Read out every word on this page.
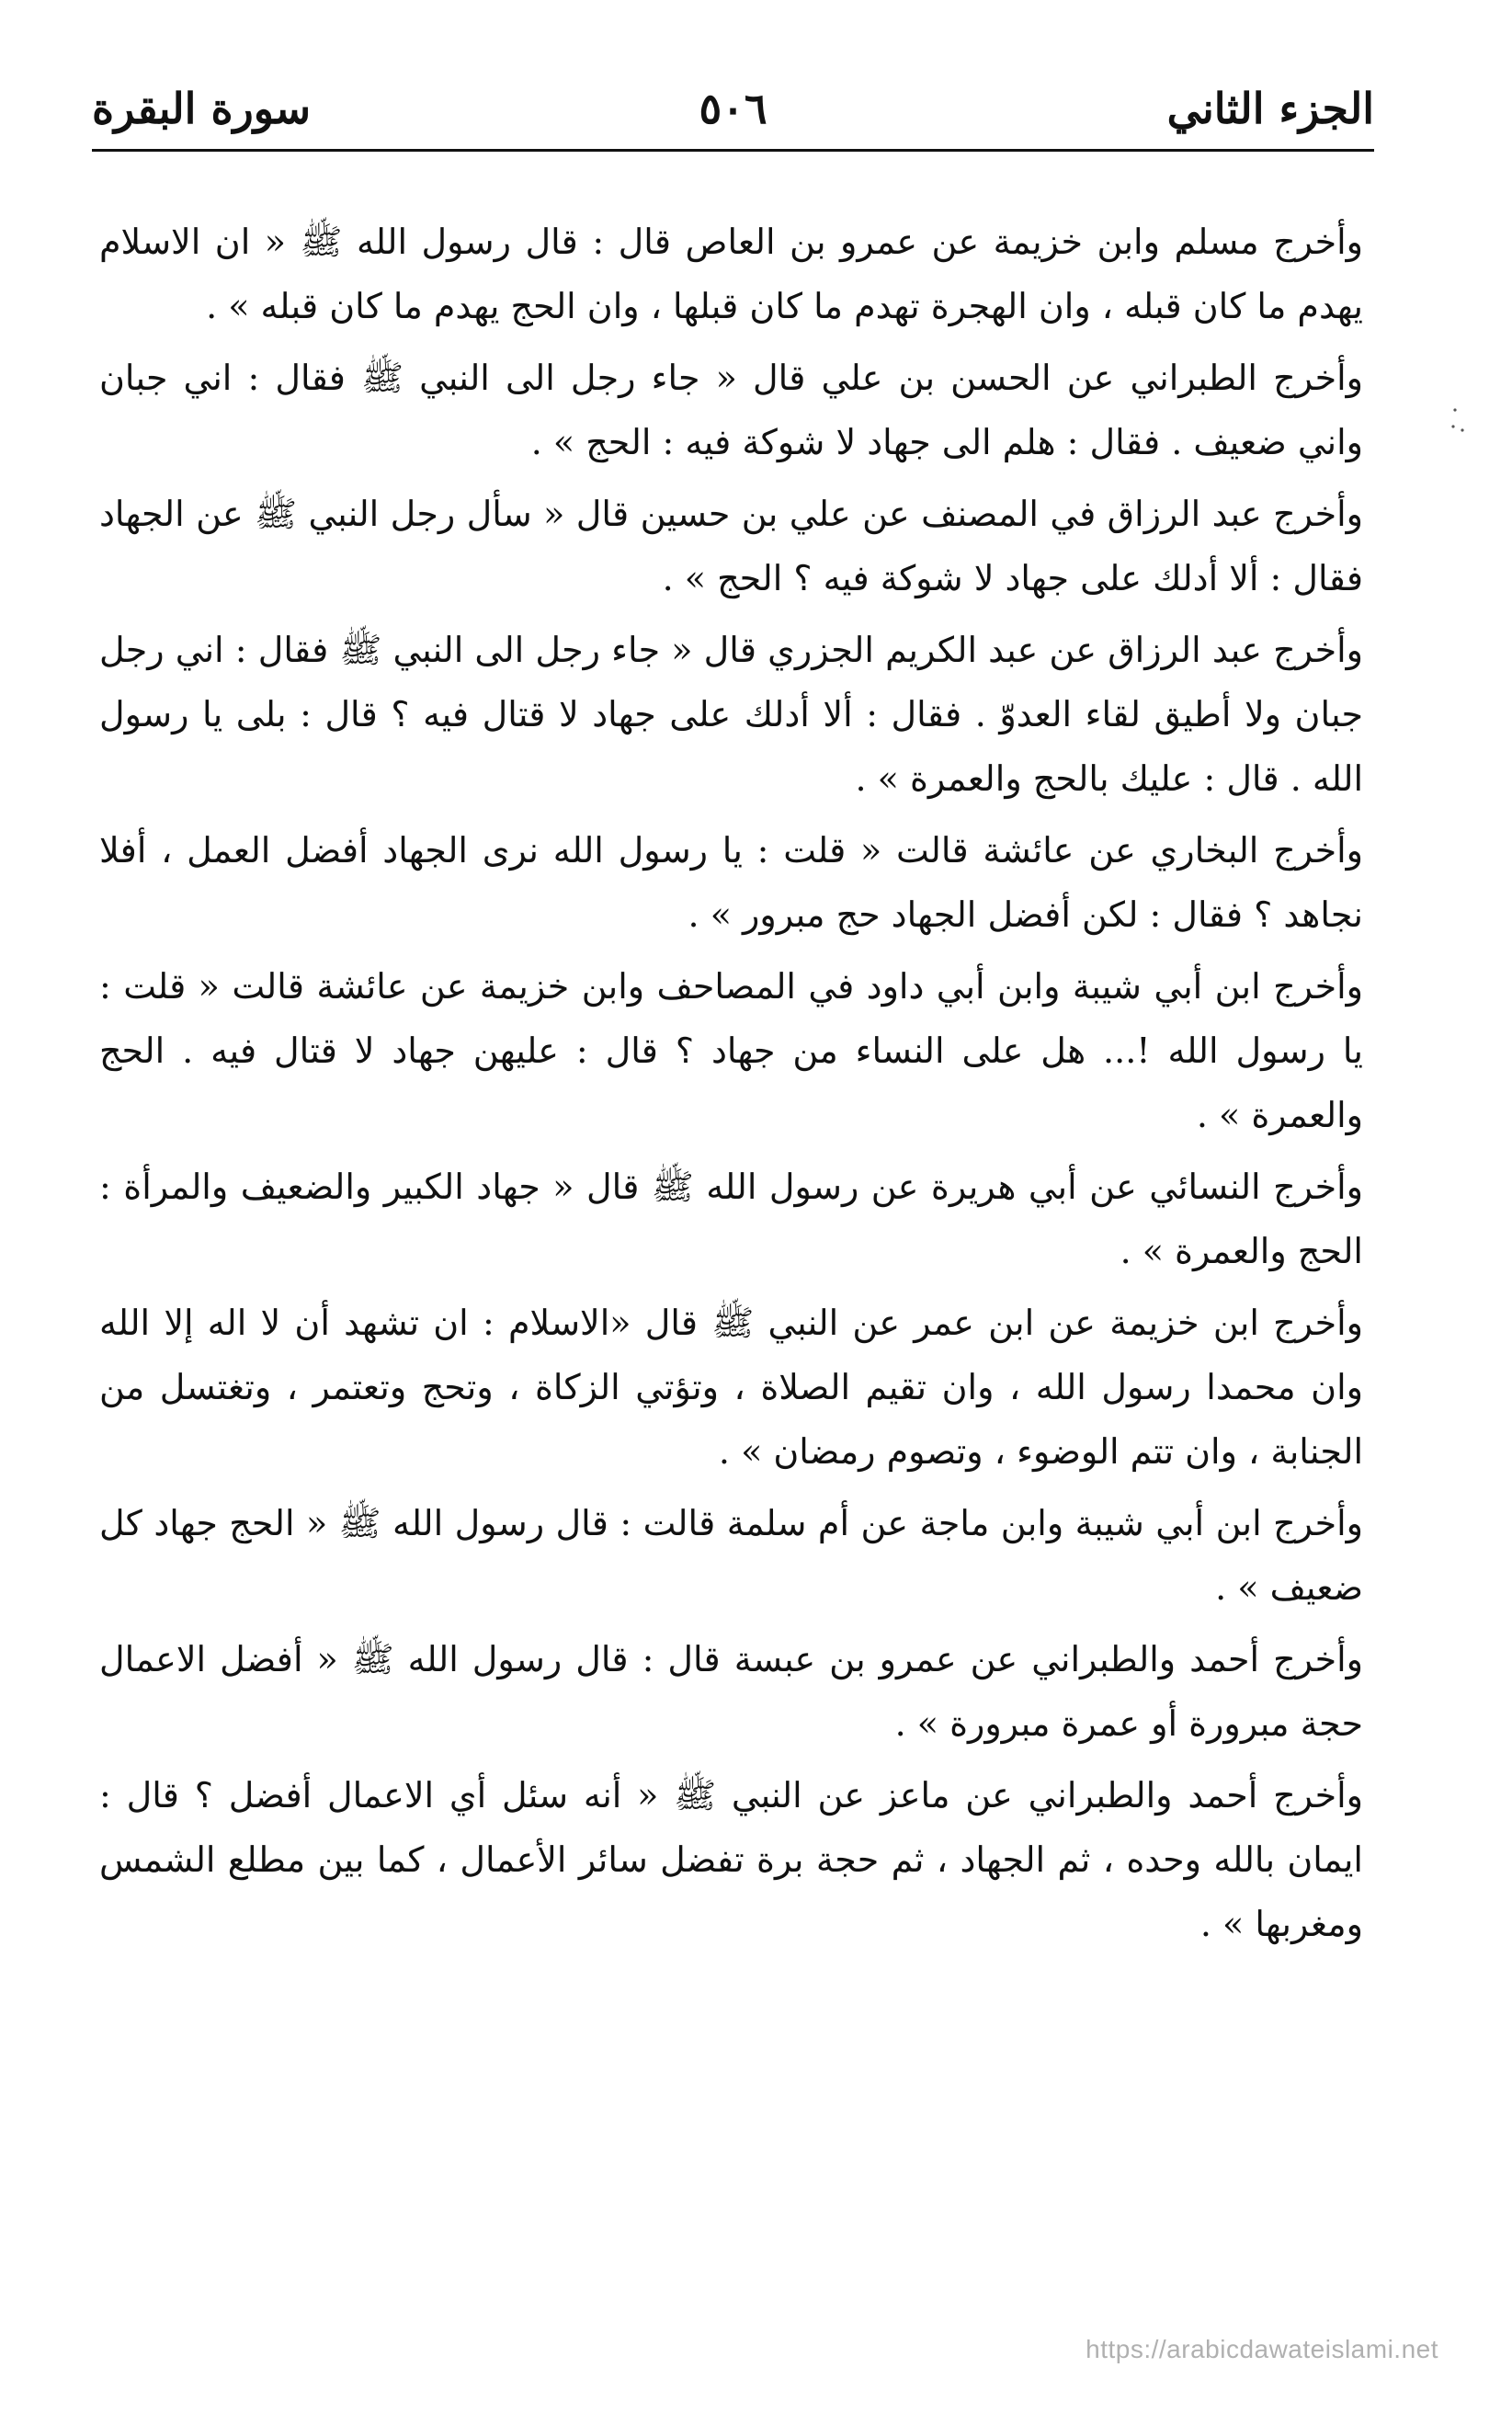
الجزء الثاني
٥٠٦
سورة البقرة

وأخرج مسلم وابن خزيمة عن عمرو بن العاص قال : قال رسول الله ﷺ « ان الاسلام يهدم ما كان قبله ، وان الهجرة تهدم ما كان قبلها ، وان الحج يهدم ما كان قبله » .

وأخرج الطبراني عن الحسن بن علي قال « جاء رجل الى النبي ﷺ فقال : اني جبان واني ضعيف . فقال : هلم الى جهاد لا شوكة فيه : الحج » .

وأخرج عبد الرزاق في المصنف عن علي بن حسين قال « سأل رجل النبي ﷺ عن الجهاد فقال : ألا أدلك على جهاد لا شوكة فيه ؟ الحج » .

وأخرج عبد الرزاق عن عبد الكريم الجزري قال « جاء رجل الى النبي ﷺ فقال : اني رجل جبان ولا أطيق لقاء العدوّ . فقال : ألا أدلك على جهاد لا قتال فيه ؟ قال : بلى يا رسول الله . قال : عليك بالحج والعمرة » .

وأخرج البخاري عن عائشة قالت « قلت : يا رسول الله نرى الجهاد أفضل العمل ، أفلا نجاهد ؟ فقال : لكن أفضل الجهاد حج مبرور » .

وأخرج ابن أبي شيبة وابن أبي داود في المصاحف وابن خزيمة عن عائشة قالت « قلت : يا رسول الله !... هل على النساء من جهاد ؟ قال : عليهن جهاد لا قتال فيه . الحج والعمرة » .

وأخرج النسائي عن أبي هريرة عن رسول الله ﷺ قال « جهاد الكبير والضعيف والمرأة : الحج والعمرة » .

وأخرج ابن خزيمة عن ابن عمر عن النبي ﷺ قال «الاسلام : ان تشهد أن لا اله إلا الله وان محمدا رسول الله ، وان تقيم الصلاة ، وتؤتي الزكاة ، وتحج وتعتمر ، وتغتسل من الجنابة ، وان تتم الوضوء ، وتصوم رمضان » .

وأخرج ابن أبي شيبة وابن ماجة عن أم سلمة قالت : قال رسول الله ﷺ « الحج جهاد كل ضعيف » .

وأخرج أحمد والطبراني عن عمرو بن عبسة قال : قال رسول الله ﷺ « أفضل الاعمال حجة مبرورة أو عمرة مبرورة » .

وأخرج أحمد والطبراني عن ماعز عن النبي ﷺ « أنه سئل أي الاعمال أفضل ؟ قال : ايمان بالله وحده ، ثم الجهاد ، ثم حجة برة تفضل سائر الأعمال ، كما بين مطلع الشمس ومغربها » .

https://arabicdawateislami.net
